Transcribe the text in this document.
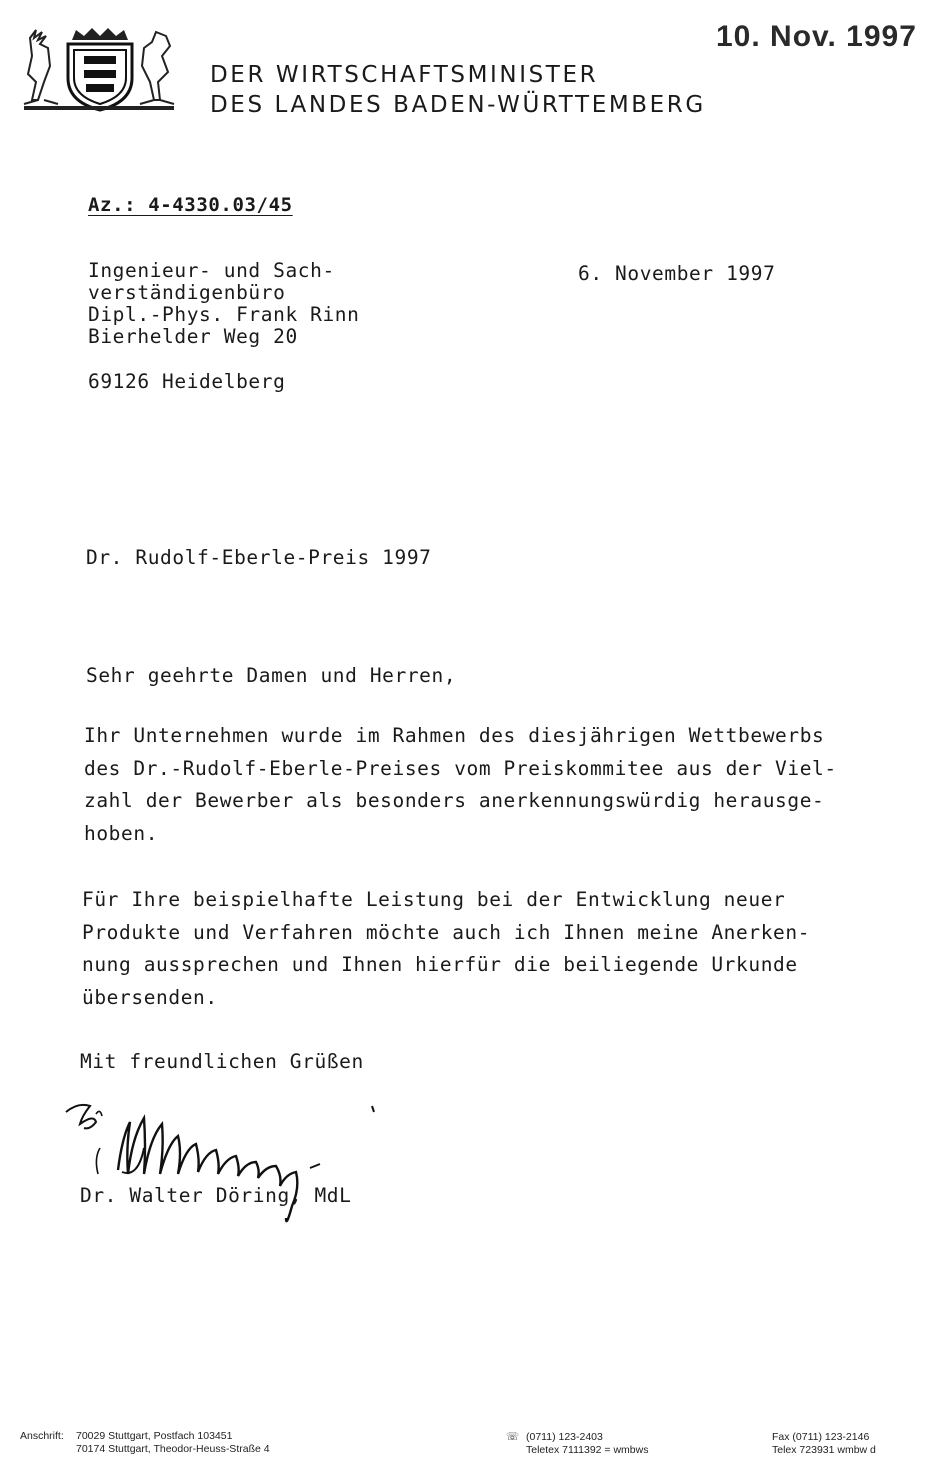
10. Nov. 1997
DER WIRTSCHAFTSMINISTER
DES LANDES BADEN-WÜRTTEMBERG
Az.: 4-4330.03/45
Ingenieur- und Sach-
verständigenbüro
Dipl.-Phys. Frank Rinn
Bierhelder Weg 20
69126 Heidelberg
6. November 1997
Dr. Rudolf-Eberle-Preis 1997
Sehr geehrte Damen und Herren,
Ihr Unternehmen wurde im Rahmen des diesjährigen Wettbewerbs
des Dr.-Rudolf-Eberle-Preises vom Preiskommitee aus der Viel-
zahl der Bewerber als besonders anerkennungswürdig herausge-
hoben.
Für Ihre beispielhafte Leistung bei der Entwicklung neuer
Produkte und Verfahren möchte auch ich Ihnen meine Anerken-
nung aussprechen und Ihnen hierfür die beiliegende Urkunde
übersenden.
Mit freundlichen Grüßen
Dr. Walter Döring, MdL
Anschrift: 70029 Stuttgart, Postfach 103451
70174 Stuttgart, Theodor-Heuss-Straße 4
☏ (0711) 123-2403
Teletex 7111392 = wmbws
Fax (0711) 123-2146
Telex 723931 wmbw d
